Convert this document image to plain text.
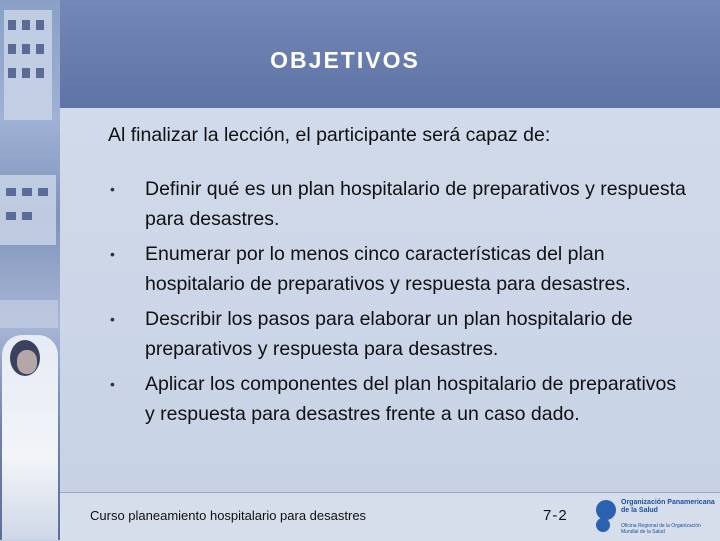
OBJETIVOS
Al finalizar la lección, el participante será capaz de:
• Definir qué es un plan hospitalario de preparativos y respuesta para desastres.
• Enumerar por lo menos cinco características del plan hospitalario de preparativos y respuesta para desastres.
• Describir los pasos para elaborar un plan hospitalario de preparativos y respuesta para desastres.
• Aplicar los componentes del plan hospitalario de preparativos y respuesta para desastres frente a un caso dado.
Curso planeamiento hospitalario para desastres	7-2
Organización Panamericana de la Salud
Oficina Regional de la Organización Mundial de la Salud
